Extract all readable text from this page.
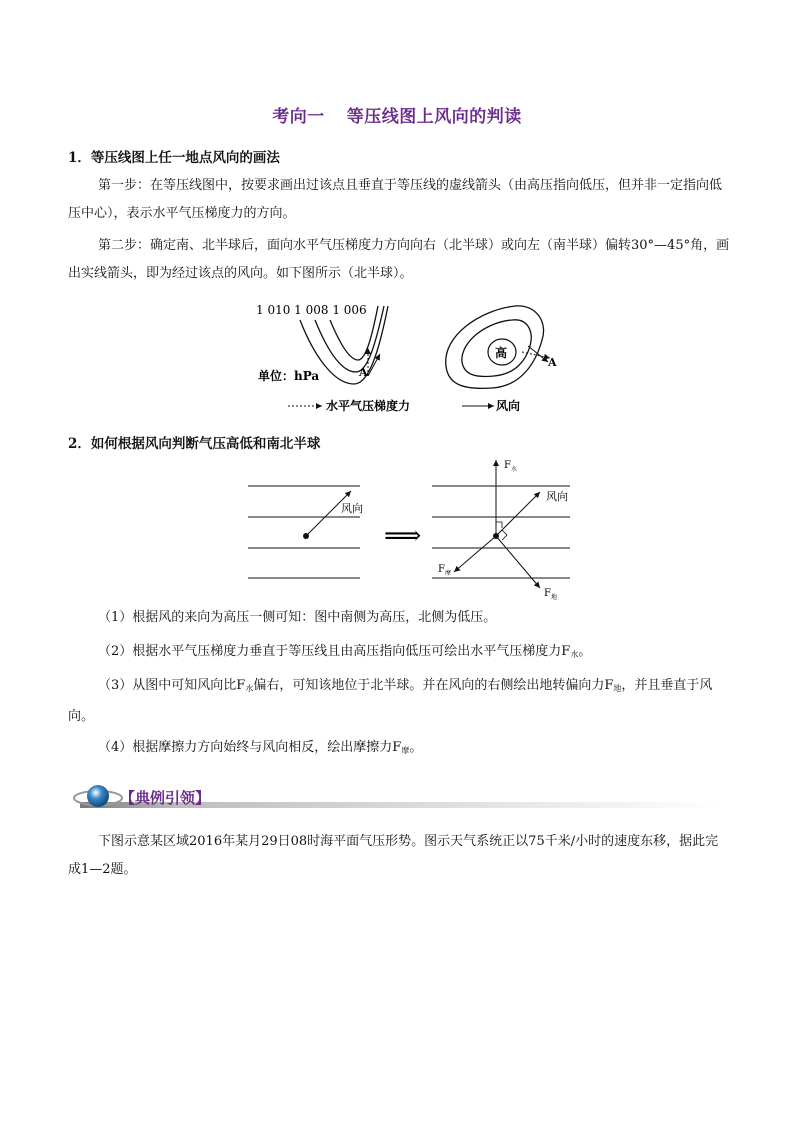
考向一 等压线图上风向的判读
1．等压线图上任一地点风向的画法
第一步：在等压线图中，按要求画出过该点且垂直于等压线的虚线箭头（由高压指向低压，但并非一定指向低压中心），表示水平气压梯度力的方向。
第二步：确定南、北半球后，面向水平气压梯度力方向向右（北半球）或向左（南半球）偏转30°—45°角，画出实线箭头，即为经过该点的风向。如下图所示（北半球）。
1 010 1 008 1 006
A
单位：hPa
水平气压梯度力
高
A
风向
2．如何根据风向判断气压高低和南北半球
风向
⟹
$F_水$
风向
$F_摩$
$F_地$
（1）根据风的来向为高压一侧可知：图中南侧为高压，北侧为低压。
（2）根据水平气压梯度力垂直于等压线且由高压指向低压可绘出水平气压梯度力$F_水$。
（3）从图中可知风向比$F_水$偏右，可知该地位于北半球。并在风向的右侧绘出地转偏向力$F_地$，并且垂直于风向。
（4）根据摩擦力方向始终与风向相反，绘出摩擦力$F_摩$。
【典例引领】
下图示意某区域2016年某月29日08时海平面气压形势。图示天气系统正以75千米/小时的速度东移，据此完成1—2题。
